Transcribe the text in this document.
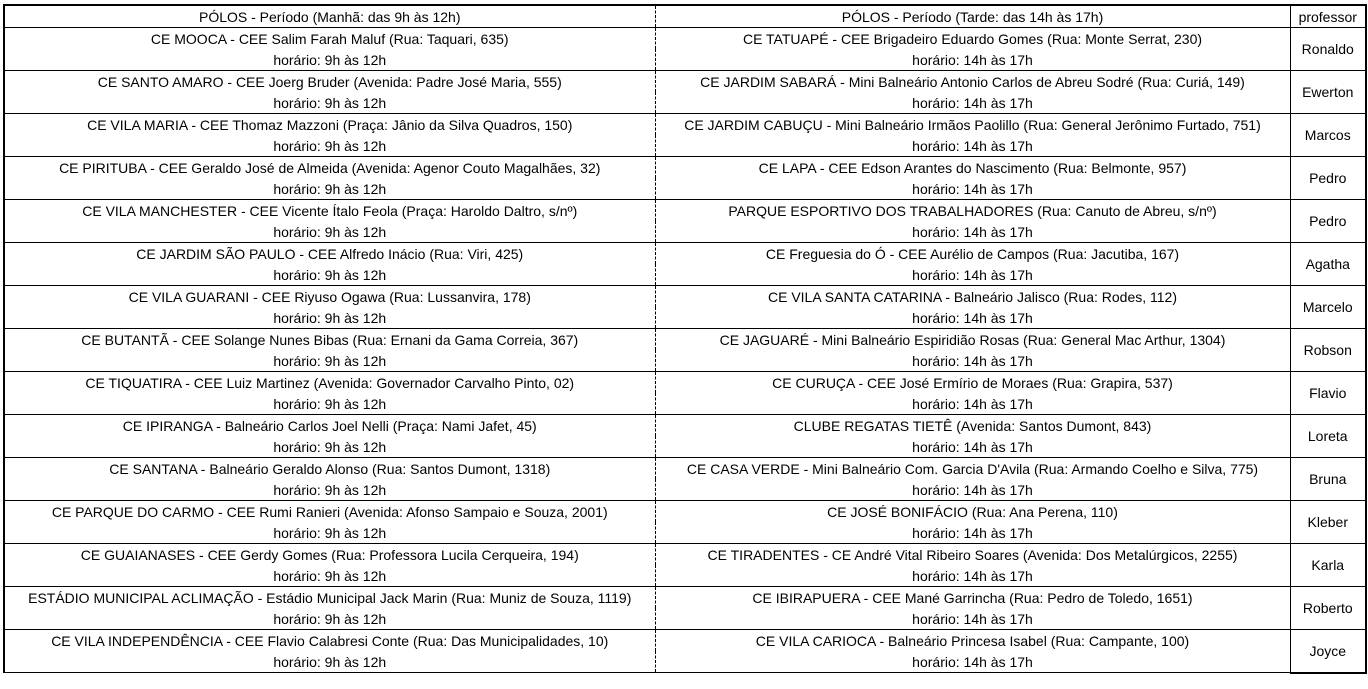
PÓLOS - Período (Manhã: das 9h às 12h)	PÓLOS - Período (Tarde: das 14h às 17h)	professor
CE MOOCA - CEE Salim Farah Maluf (Rua: Taquari, 635)	CE TATUAPÉ - CEE Brigadeiro Eduardo Gomes (Rua: Monte Serrat, 230)	Ronaldo
horário: 9h às 12h	horário: 14h às 17h	
CE SANTO AMARO - CEE Joerg Bruder (Avenida: Padre José Maria, 555)	CE JARDIM SABARÁ - Mini Balneário Antonio Carlos de Abreu Sodré (Rua: Curiá, 149)	Ewerton
horário: 9h às 12h	horário: 14h às 17h	
CE VILA MARIA - CEE Thomaz Mazzoni (Praça: Jânio da Silva Quadros, 150)	CE JARDIM CABUÇU - Mini Balneário Irmãos Paolillo (Rua: General Jerônimo Furtado, 751)	Marcos
horário: 9h às 12h	horário: 14h às 17h	
CE PIRITUBA - CEE Geraldo José de Almeida (Avenida: Agenor Couto Magalhães, 32)	CE LAPA - CEE Edson Arantes do Nascimento (Rua: Belmonte, 957)	Pedro
horário: 9h às 12h	horário: 14h às 17h	
CE VILA MANCHESTER - CEE Vicente Ítalo Feola (Praça: Haroldo Daltro, s/nº)	PARQUE ESPORTIVO DOS TRABALHADORES (Rua: Canuto de Abreu, s/nº)	Pedro
horário: 9h às 12h	horário: 14h às 17h	
CE JARDIM SÃO PAULO - CEE Alfredo Inácio (Rua: Viri, 425)	CE Freguesia do Ó - CEE Aurélio de Campos (Rua: Jacutiba, 167)	Agatha
horário: 9h às 12h	horário: 14h às 17h	
CE VILA GUARANI - CEE Riyuso Ogawa (Rua: Lussanvira, 178)	CE VILA SANTA CATARINA - Balneário Jalisco (Rua: Rodes, 112)	Marcelo
horário: 9h às 12h	horário: 14h às 17h	
CE BUTANTÃ - CEE Solange Nunes Bibas (Rua: Ernani da Gama Correia, 367)	CE JAGUARÉ - Mini Balneário Espiridião Rosas (Rua: General Mac Arthur, 1304)	Robson
horário: 9h às 12h	horário: 14h às 17h	
CE TIQUATIRA - CEE Luiz Martinez (Avenida: Governador Carvalho Pinto, 02)	CE CURUÇA - CEE José Ermírio de Moraes (Rua: Grapira, 537)	Flavio
horário: 9h às 12h	horário: 14h às 17h	
CE IPIRANGA - Balneário Carlos Joel Nelli (Praça: Nami Jafet, 45)	CLUBE REGATAS TIETÊ (Avenida: Santos Dumont, 843)	Loreta
horário: 9h às 12h	horário: 14h às 17h	
CE SANTANA - Balneário Geraldo Alonso (Rua: Santos Dumont, 1318)	CE CASA VERDE - Mini Balneário Com. Garcia D'Avila (Rua: Armando Coelho e Silva, 775)	Bruna
horário: 9h às 12h	horário: 14h às 17h	
CE PARQUE DO CARMO - CEE Rumi Ranieri (Avenida: Afonso Sampaio e Souza, 2001)	CE JOSÉ BONIFÁCIO (Rua: Ana Perena, 110)	Kleber
horário: 9h às 12h	horário: 14h às 17h	
CE GUAIANASES - CEE Gerdy Gomes (Rua: Professora Lucila Cerqueira, 194)	CE TIRADENTES - CE André Vital Ribeiro Soares (Avenida: Dos Metalúrgicos, 2255)	Karla
horário: 9h às 12h	horário: 14h às 17h	
ESTÁDIO MUNICIPAL ACLIMAÇÃO - Estádio Municipal Jack Marin (Rua: Muniz de Souza, 1119)	CE IBIRAPUERA - CEE Mané Garrincha (Rua: Pedro de Toledo, 1651)	Roberto
horário: 9h às 12h	horário: 14h às 17h	
CE VILA INDEPENDÊNCIA - CEE Flavio Calabresi Conte (Rua: Das Municipalidades, 10)	CE VILA CARIOCA - Balneário Princesa Isabel (Rua: Campante, 100)	Joyce
horário: 9h às 12h	horário: 14h às 17h	
